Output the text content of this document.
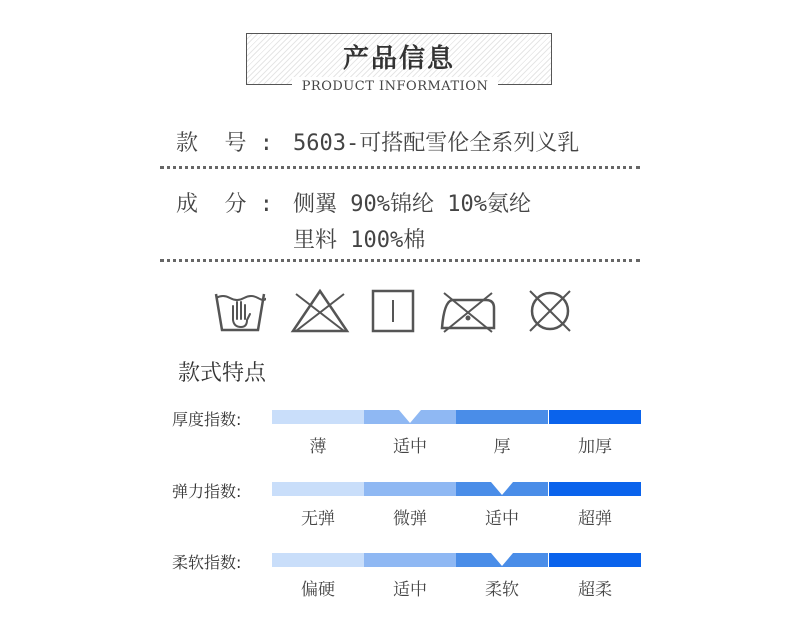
产品信息
PRODUCT INFORMATION
款  号 : 5603-可搭配雪伦全系列义乳
成  分 : 侧翼 90%锦纶 10%氨纶
里料 100%棉
款式特点
厚度指数:
薄	适中	厚	加厚
弹力指数:
无弹	微弹	适中	超弹
柔软指数:
偏硬	适中	柔软	超柔
